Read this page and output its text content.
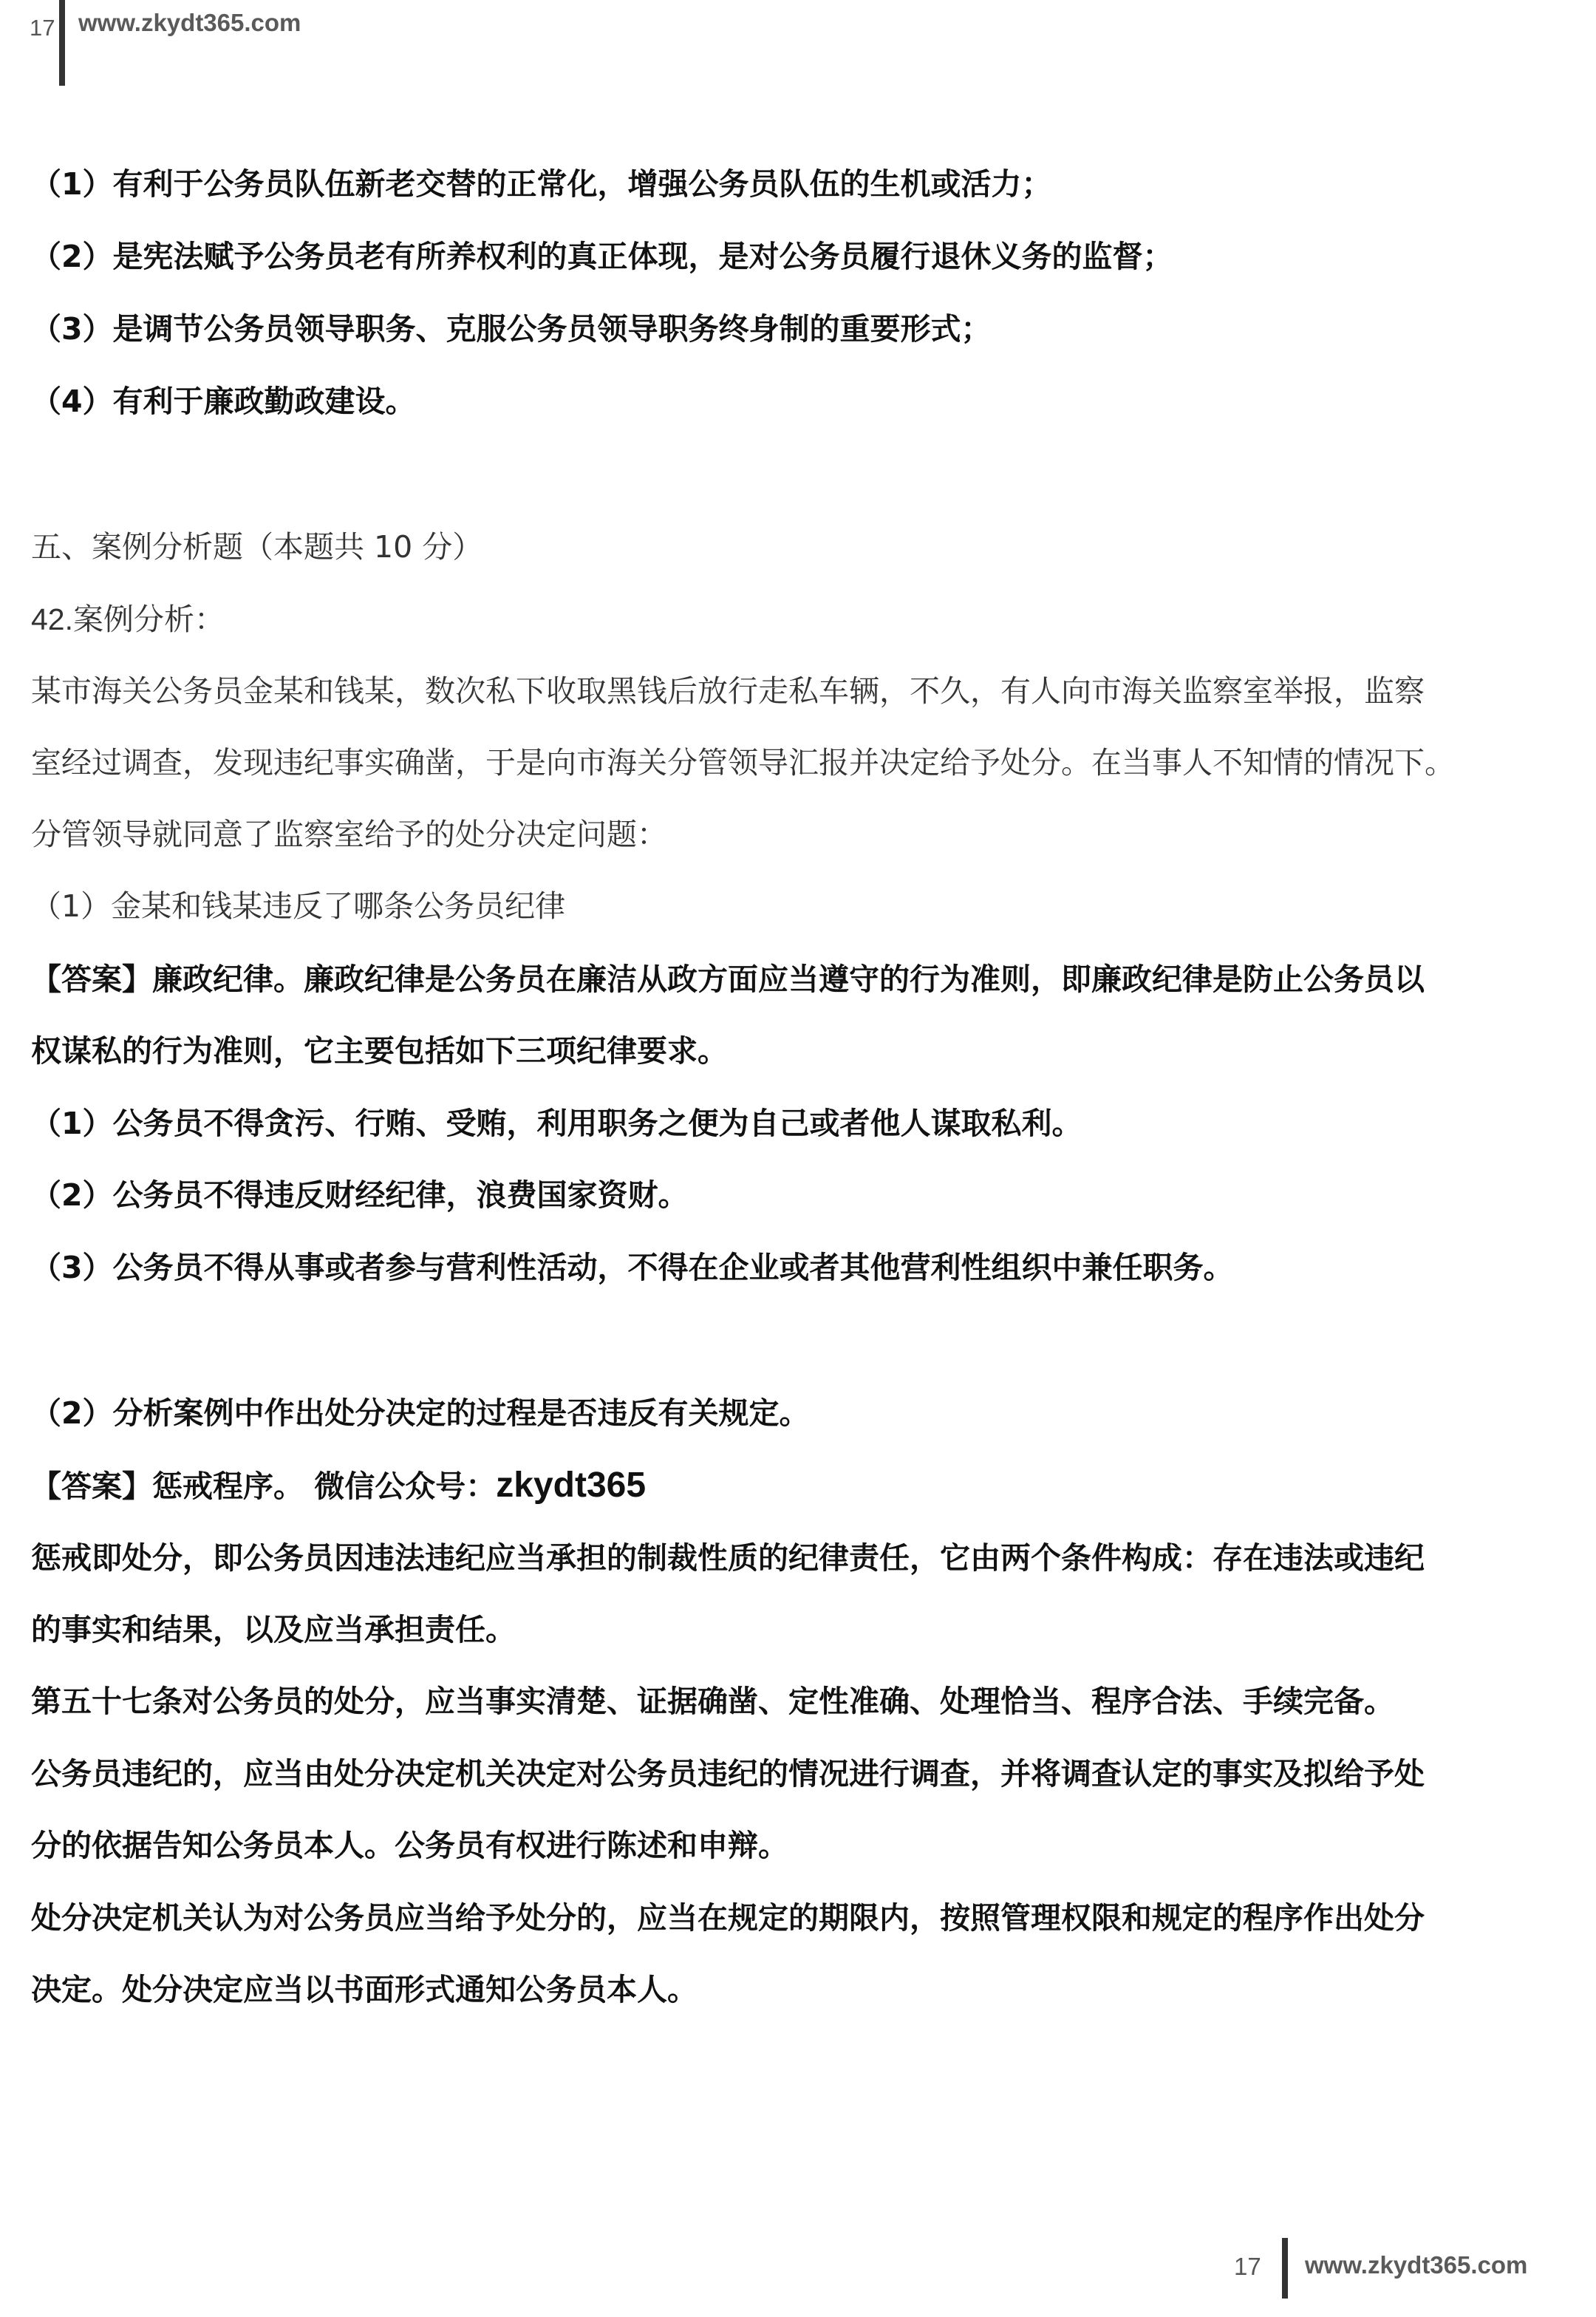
17 www.zkydt365.com
（1）有利于公务员队伍新老交替的正常化，增强公务员队伍的生机或活力；
（2）是宪法赋予公务员老有所养权利的真正体现，是对公务员履行退休义务的监督；
（3）是调节公务员领导职务、克服公务员领导职务终身制的重要形式；
（4）有利于廉政勤政建设。
五、案例分析题（本题共 10 分）
42.案例分析：
某市海关公务员金某和钱某，数次私下收取黑钱后放行走私车辆，不久，有人向市海关监察室举报，监察
室经过调查，发现违纪事实确凿，于是向市海关分管领导汇报并决定给予处分。在当事人不知情的情况下。
分管领导就同意了监察室给予的处分决定问题：
（1）金某和钱某违反了哪条公务员纪律
【答案】廉政纪律。廉政纪律是公务员在廉洁从政方面应当遵守的行为准则，即廉政纪律是防止公务员以
权谋私的行为准则，它主要包括如下三项纪律要求。
（1）公务员不得贪污、行贿、受贿，利用职务之便为自己或者他人谋取私利。
（2）公务员不得违反财经纪律，浪费国家资财。
（3）公务员不得从事或者参与营利性活动，不得在企业或者其他营利性组织中兼任职务。
（2）分析案例中作出处分决定的过程是否违反有关规定。
【答案】惩戒程序。 微信公众号：zkydt365
惩戒即处分，即公务员因违法违纪应当承担的制裁性质的纪律责任，它由两个条件构成：存在违法或违纪
的事实和结果，以及应当承担责任。
第五十七条对公务员的处分，应当事实清楚、证据确凿、定性准确、处理恰当、程序合法、手续完备。
公务员违纪的，应当由处分决定机关决定对公务员违纪的情况进行调查，并将调查认定的事实及拟给予处
分的依据告知公务员本人。公务员有权进行陈述和申辩。
处分决定机关认为对公务员应当给予处分的，应当在规定的期限内，按照管理权限和规定的程序作出处分
决定。处分决定应当以书面形式通知公务员本人。
17 www.zkydt365.com
